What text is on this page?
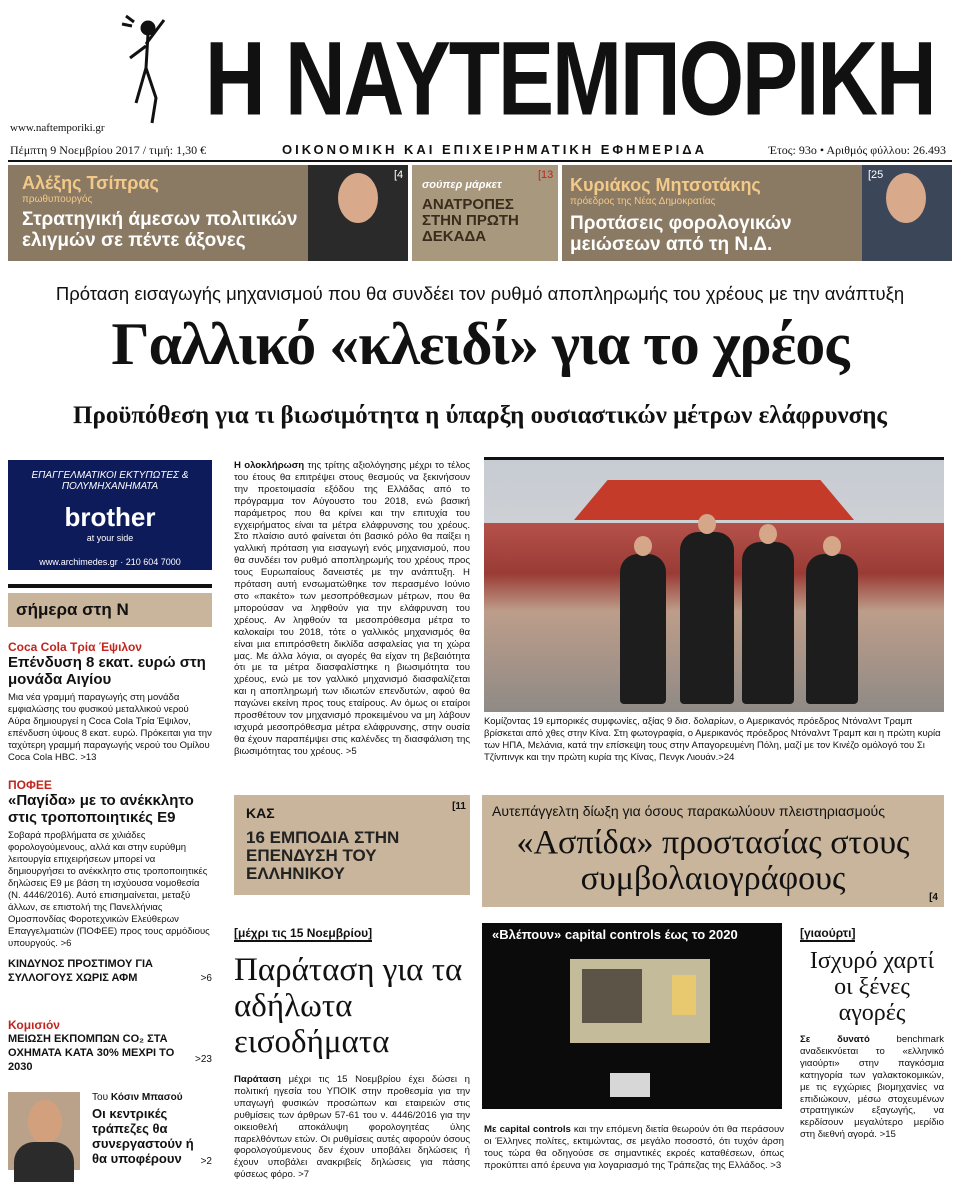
Η ΝΑΥΤΕΜΠΟΡΙΚΗ
www.naftemporiki.gr
Πέμπτη 9 Νοεμβρίου 2017 / τιμή: 1,30 €	ΟΙΚΟΝΟΜΙΚΗ ΚΑΙ ΕΠΙΧΕΙΡΗΜΑΤΙΚΗ ΕΦΗΜΕΡΙΔΑ	Έτος: 93ο • Αριθμός φύλλου: 26.493
Αλέξης Τσίπρας
πρωθυπουργός
Στρατηγική άμεσων πολιτικών ελιγμών σε πέντε άξονες
[4
σούπερ μάρκετ
ΑΝΑΤΡΟΠΕΣ ΣΤΗΝ ΠΡΩΤΗ ΔΕΚΑΔΑ
[13 Κυριάκος Μητσοτάκης
πρόεδρος της Νέας Δημοκρατίας
Προτάσεις φορολογικών μειώσεων από τη Ν.Δ.
[25
Πρόταση εισαγωγής μηχανισμού που θα συνδέει τον ρυθμό αποπληρωμής του χρέους με την ανάπτυξη
Γαλλικό «κλειδί» για το χρέος
Προϋπόθεση για τι βιωσιμότητα η ύπαρξη ουσιαστικών μέτρων ελάφρυνσης
ΕΠΑΓΓΕΛΜΑΤΙΚΟΙ ΕΚΤΥΠΩΤΕΣ & ΠΟΛΥΜΗΧΑΝΗΜΑΤΑ
brother
at your side
www.archimedes.gr · 210 604 7000
σήμερα στη N
Coca Cola Τρία Έψιλον
Επένδυση 8 εκατ. ευρώ στη μονάδα Αιγίου
Μια νέα γραμμή παραγωγής στη μονάδα εμφιαλώσης του φυσικού μεταλλικού νερού Αύρα δημιουργεί η Coca Cola Τρία Έψιλον, επένδυση ύψους 8 εκατ. ευρώ. Πρόκειται για την ταχύτερη γραμμή παραγωγής νερού του Ομίλου Coca Cola HBC. >13
ΠΟΦΕΕ
«Παγίδα» με το ανέκκλητο στις τροποποιητικές Ε9
Σοβαρά προβλήματα σε χιλιάδες φορολογούμενους, αλλά και στην ευρύθμη λειτουργία επιχειρήσεων μπορεί να δημιουργήσει το ανέκκλητο στις τροποποιητικές δηλώσεις Ε9 με βάση τη ισχύουσα νομοθεσία (Ν. 4446/2016). Αυτό επισημαίνεται, μεταξύ άλλων, σε επιστολή της Πανελλήνιας Ομοσπονδίας Φοροτεχνικών Ελεύθερων Επαγγελματιών (ΠΟΦΕΕ) προς τους αρμόδιους υπουργούς. >6
ΚΙΝΔΥΝΟΣ ΠΡΟΣΤΙΜΟΥ ΓΙΑ ΣΥΛΛΟΓΟΥΣ ΧΩΡΙΣ ΑΦΜ	>6
Κομισιόν
ΜΕΙΩΣΗ ΕΚΠΟΜΠΩΝ CO₂ ΣΤΑ ΟΧΗΜΑΤΑ ΚΑΤΑ 30% ΜΕΧΡΙ ΤΟ 2030
>23
Του Κόσιν Μπασού
Οι κεντρικές τράπεζες θα συνεργαστούν ή θα υποφέρουν	>2
Η ολοκλήρωση της τρίτης αξιολόγησης μέχρι το τέλος του έτους θα επιτρέψει στους θεσμούς να ξεκινήσουν την προετοιμασία εξόδου της Ελλάδας από το πρόγραμμα τον Αύγουστο του 2018, ενώ βασική παράμετρος που θα κρίνει και την επιτυχία του εγχειρήματος είναι τα μέτρα ελάφρυνσης του χρέους. Στο πλαίσιο αυτό φαίνεται ότι βασικό ρόλο θα παίξει η γαλλική πρόταση για εισαγωγή ενός μηχανισμού, που θα συνδέει τον ρυθμό αποπληρωμής του χρέους προς τους Ευρωπαίους δανειστές με την ανάπτυξη. Η πρόταση αυτή ενσωματώθηκε τον περασμένο Ιούνιο στο «πακέτο» των μεσοπρόθεσμων μέτρων, που θα μπορούσαν να ληφθούν για την ελάφρυνση του χρέους. Αν ληφθούν τα μεσοπρόθεσμα μέτρα το καλοκαίρι του 2018, τότε ο γαλλικός μηχανισμός θα είναι μια επιπρόσθετη δικλίδα ασφαλείας για τη χώρα μας. Με άλλα λόγια, οι αγορές θα είχαν τη βεβαιότητα ότι με τα μέτρα διασφαλίστηκε η βιωσιμότητα του χρέους, ενώ με τον γαλλικό μηχανισμό διασφαλίζεται και η αποπληρωμή των ιδιωτών επενδυτών, αφού θα παγώνει εκείνη προς τους εταίρους. Αν όμως οι εταίροι προσθέτουν τον μηχανισμό προκειμένου να μη λάβουν ισχυρά μεσοπρόθεσμα μέτρα ελάφρυνσης, στην ουσία θα έχουν παραπέμψει στις καλένδες τη διασφάλιση της βιωσιμότητας του χρέους. >5
Κομίζοντας 19 εμπορικές συμφωνίες, αξίας 9 δισ. δολαρίων, ο Αμερικανός πρόεδρος Ντόναλντ Τραμπ βρίσκεται από χθες στην Κίνα. Στη φωτογραφία, ο Αμερικανός πρόεδρος Ντόναλντ Τραμπ και η πρώτη κυρία των ΗΠΑ, Μελάνια, κατά την επίσκεψη τους στην Απαγορευμένη Πόλη, μαζί με τον Κινέζο ομόλογό του Σι Τζίνπινγκ και την πρώτη κυρία της Κίνας, Πενγκ Λιουάν.>24
ΚΑΣ
16 ΕΜΠΟΔΙΑ ΣΤΗΝ ΕΠΕΝΔΥΣΗ ΤΟΥ ΕΛΛΗΝΙΚΟΥ
[11 Αυτεπάγγελτη δίωξη για όσους παρακωλύουν πλειστηριασμούς
«Ασπίδα» προστασίας στους συμβολαιογράφους
[4
[μέχρι τις 15 Νοεμβρίου]
Παράταση για τα αδήλωτα εισοδήματα
Παράταση μέχρι τις 15 Νοεμβρίου έχει δώσει η πολιτική ηγεσία του ΥΠΟΙΚ στην προθεσμία για την υπαγωγή φυσικών προσώπων και εταιρειών στις ρυθμίσεις των άρθρων 57-61 του ν. 4446/2016 για την οικειοθελή αποκάλυψη φορολογητέας ύλης παρελθόντων ετών. Οι ρυθμίσεις αυτές αφορούν όσους φορολογούμενους δεν έχουν υποβάλει δηλώσεις ή έχουν υποβάλει ανακριβείς δηλώσεις για πάσης φύσεως φόρο. >7
«Βλέπουν» capital controls έως το 2020
Με capital controls και την επόμενη διετία θεωρούν ότι θα περάσουν οι Έλληνες πολίτες, εκτιμώντας, σε μεγάλο ποσοστό, ότι τυχόν άρση τους τώρα θα οδηγούσε σε σημαντικές εκροές καταθέσεων, όπως προκύπτει από έρευνα για λογαριασμό της Τράπεζας της Ελλάδος. >3
[γιαούρτι]
Ισχυρό χαρτί οι ξένες αγορές
Σε δυνατό	benchmark αναδεικνύεται το «ελληνικό γιαούρτι» στην παγκόσμια κατηγορία των γαλακτοκομικών, με τις εγχώριες βιομηχανίες να επιδιώκουν, μέσω στοχευμένων στρατηγικών εξαγωγής, να κερδίσουν μεγαλύτερο μερίδιο στη διεθνή αγορά. >15
